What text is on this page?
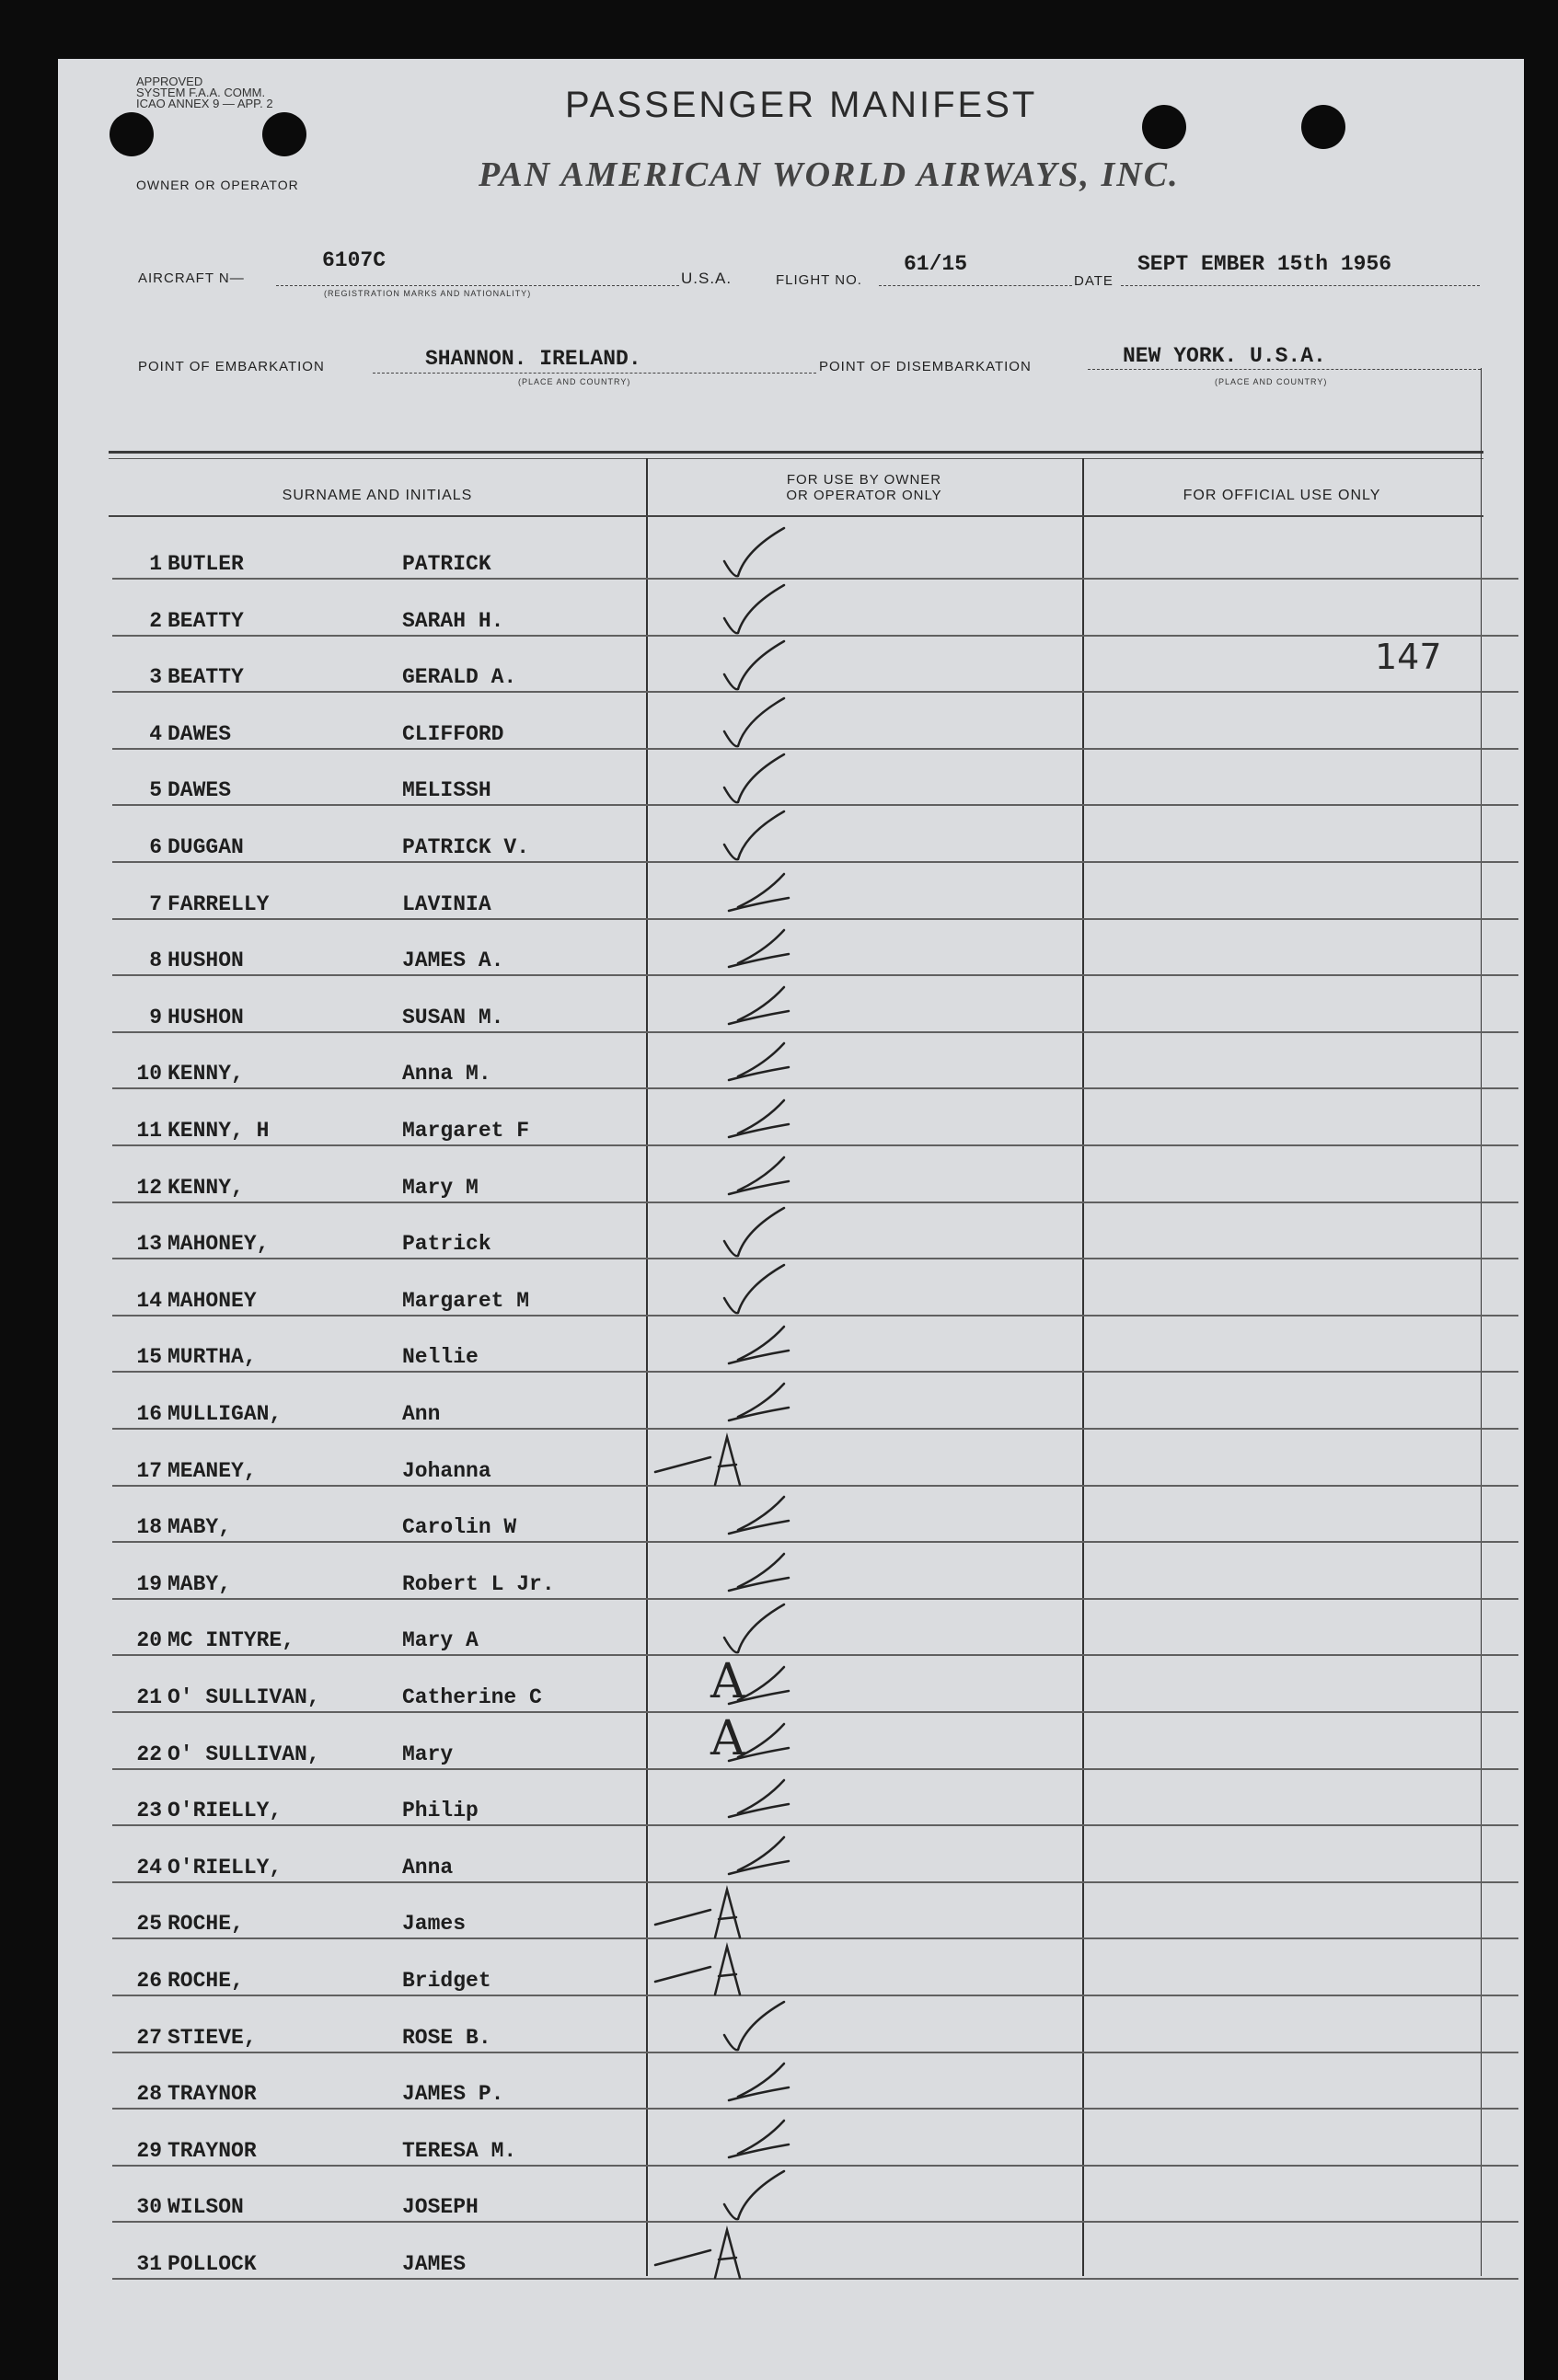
APPROVED
SYSTEM F.A.A. COMM.
ICAO ANNEX 9 — APP. 2	PASSENGER MANIFEST
PAN AMERICAN WORLD AIRWAYS, INC.
OWNER OR OPERATOR
AIRCRAFT N—
6107C
(REGISTRATION MARKS AND NATIONALITY)
U.S.A.	FLIGHT NO.
61/15
DATE
SEPT EMBER 15th 1956
POINT OF EMBARKATION	SHANNON. IRELAND.
(PLACE AND COUNTRY)
POINT OF DISEMBARKATION	NEW YORK. U.S.A.
(PLACE AND COUNTRY)
SURNAME AND INITIALS
FOR USE BY OWNER
OR OPERATOR ONLY	FOR OFFICIAL USE ONLY
147
1 BUTLER	PATRICK
2 BEATTY	SARAH H.
3 BEATTY	GERALD A.
4 DAWES	CLIFFORD
5 DAWES	MELISSH
6 DUGGAN	PATRICK V.
7 FARRELLY	LAVINIA
8 HUSHON	JAMES A.
9 HUSHON	SUSAN M.
10 KENNY,	Anna M.
11 KENNY, H	Margaret F
12 KENNY,	Mary M
13 MAHONEY,	Patrick
14 MAHONEY	Margaret M
15 MURTHA,	Nellie
16 MULLIGAN,	Ann
17 MEANEY,	Johanna
18 MABY,	Carolin W
19 MABY,	Robert L Jr.
20 MC INTYRE,	Mary A
21 O' SULLIVAN,	Catherine C	A
22 O' SULLIVAN,	Mary	A
23 O'RIELLY,	Philip
24 O'RIELLY,	Anna
25 ROCHE,	James
26 ROCHE,	Bridget
27 STIEVE,	ROSE B.
28 TRAYNOR	JAMES P.
29 TRAYNOR	TERESA M.
30 WILSON	JOSEPH
31 POLLOCK	JAMES
